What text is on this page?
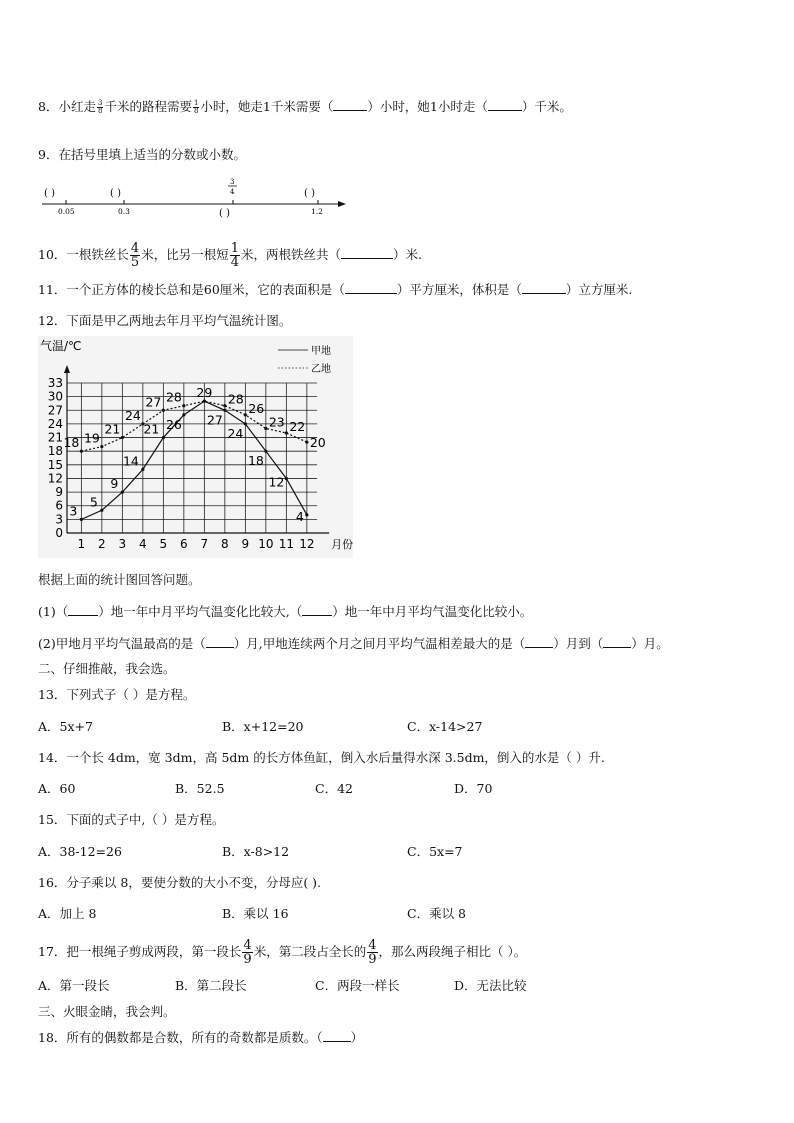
8．小红走 $\frac{3}{8}$ 千米的路程需要 $\frac{1}{8}$ 小时，她走1千米需要（	）小时，她1小时走（	）千米。
9．在括号里填上适当的分数或小数。
( )	( )	( )
( )
0.05	0.3	1.2
3
4
10．一根铁丝长 $\frac{4}{5}$ 米，比另一根短 $\frac{1}{4}$ 米，两根铁丝共（	）米.
11．一个正方体的棱长总和是60厘米，它的表面积是（	）平方厘米，体积是（	）立方厘米.
12．下面是甲乙两地去年月平均气温统计图。
0
3
6
9
12
15
18
21
24
27
30
33
1 2 3 4 5 6 7 8 9 10 11 12
气温/℃
月份
甲地
乙地
3
5
9
14
21 26 27
24
18
12
4
18 19
21
24
27 28 29 28
26
23 22
20
根据上面的统计图回答问题。
(1)（ ）地一年中月平均气温变化比较大,（ ）地一年中月平均气温变化比较小。
(2)甲地月平均气温最高的是（ ）月,甲地连续两个月之间月平均气温相差最大的是（ ）月到（ ）月。
二、仔细推敲，我会选。
13．下列式子（ ）是方程。
A．5x+7	B．x+12=20	C．x-14>27
14．一个长 4dm，宽 3dm，高 5dm 的长方体鱼缸，倒入水后量得水深 3.5dm，倒入的水是（ ）升.
A．60	B．52.5	C．42	D．70
15．下面的式子中,（ ）是方程。
A．38-12=26	B．x-8>12	C．5x=7
16．分子乘以 8，要使分数的大小不变，分母应( ).
A．加上 8	B．乘以 16	C．乘以 8
17．把一根绳子剪成两段，第一段长 $\frac{4}{9}$ 米，第二段占全长的 $\frac{4}{9}$ ，那么两段绳子相比（ ）。
A．第一段长	B．第二段长	C．两段一样长	D．无法比较
三、火眼金睛，我会判。
18．所有的偶数都是合数，所有的奇数都是质数。（ ）
